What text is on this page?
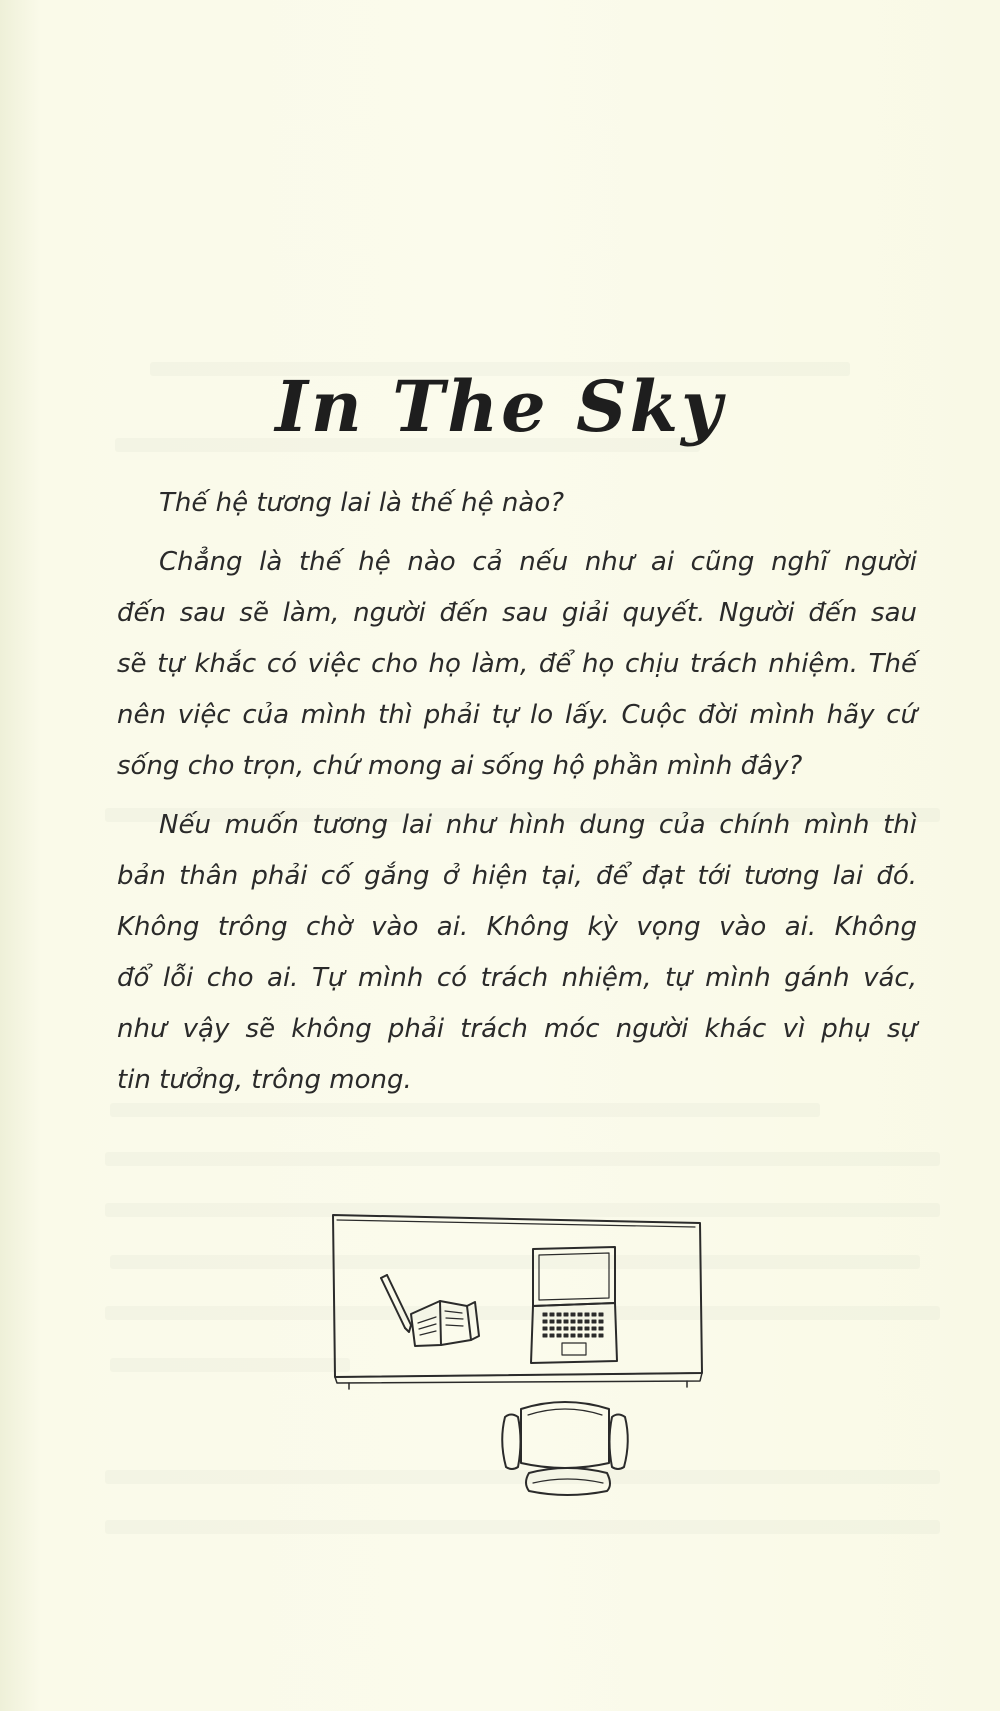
In The Sky
Thế hệ tương lai là thế hệ nào?
Chẳng là thế hệ nào cả nếu như ai cũng nghĩ người
đến sau sẽ làm, người đến sau giải quyết. Người đến sau
sẽ tự khắc có việc cho họ làm, để họ chịu trách nhiệm. Thế
nên việc của mình thì phải tự lo lấy. Cuộc đời mình hãy cứ
sống cho trọn, chứ mong ai sống hộ phần mình đây?
Nếu muốn tương lai như hình dung của chính mình thì
bản thân phải cố gắng ở hiện tại, để đạt tới tương lai đó.
Không trông chờ vào ai. Không kỳ vọng vào ai. Không
đổ lỗi cho ai. Tự mình có trách nhiệm, tự mình gánh vác,
như vậy sẽ không phải trách móc người khác vì phụ sự
tin tưởng, trông mong.
